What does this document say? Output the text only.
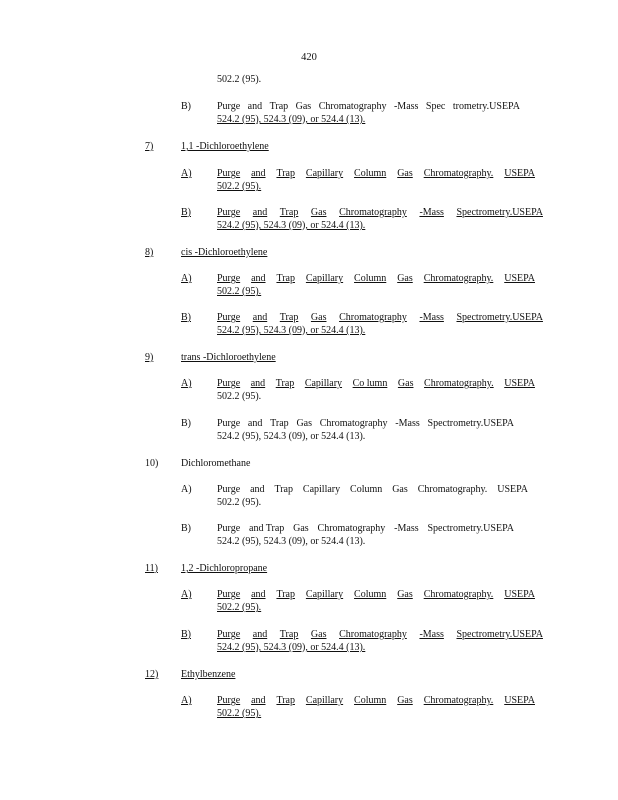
420
502.2 (95).
B)	Purge and Trap Gas Chromatography -Mass Spec trometry.USEPA
524.2 (95), 524.3 (09), or 524.4 (13).
7)	1,1 -Dichloroethylene
A)	Purge and Trap Capillary Column Gas Chromatography. USEPA
502.2 (95).
B)	Purge and Trap Gas Chromatography -Mass Spectrometry.USEPA
524.2 (95), 524.3 (09), or 524.4 (13).
8)	cis -Dichloroethylene
A)	Purge and Trap Capillary Column Gas Chromatography. USEPA
502.2 (95).
B)	Purge and Trap Gas Chromatography -Mass Spectrometry.USEPA
524.2 (95), 524.3 (09), or 524.4 (13).
9)	trans -Dichloroethylene
A)	Purge and Trap Capillary Co lumn Gas Chromatography. USEPA
502.2 (95).
B)	Purge and Trap Gas Chromatography -Mass Spectrometry.USEPA
524.2 (95), 524.3 (09), or 524.4 (13).
10) Dichloromethane
A)	Purge and Trap Capillary Column Gas Chromatography. USEPA
502.2 (95).
B)	Purge and Trap Gas Chromatography -Mass Spectrometry.USEPA
524.2 (95), 524.3 (09), or 524.4 (13).
11) 1,2 -Dichloropropane
A)	Purge and Trap Capillary Column Gas Chromatography. USEPA
502.2 (95).
B)	Purge and Trap Gas Chromatography -Mass Spectrometry.USEPA
524.2 (95), 524.3 (09), or 524.4 (13).
12) Ethylbenzene
A)	Purge and Trap Capillary Column Gas Chromatography. USEPA
502.2 (95).
